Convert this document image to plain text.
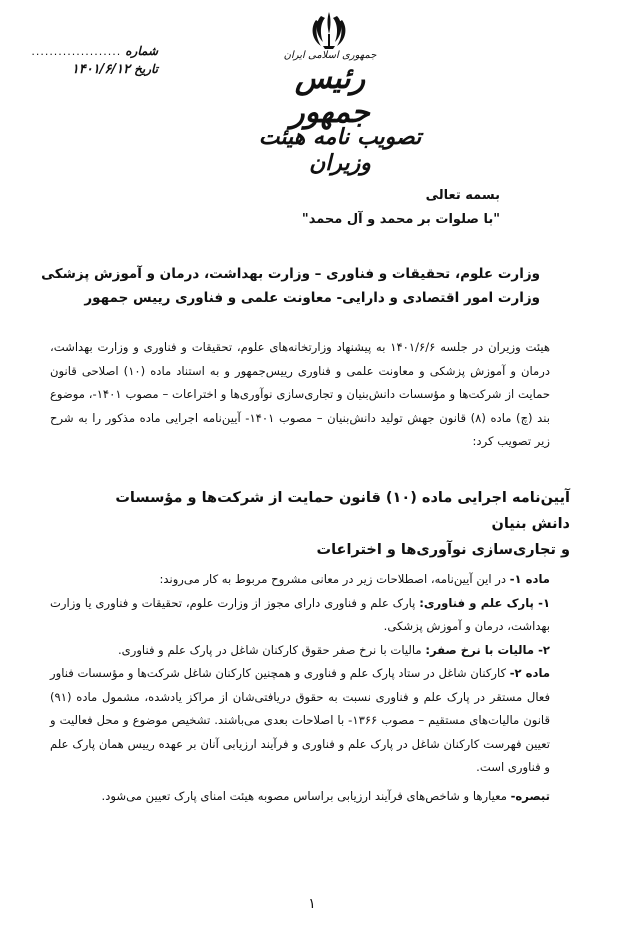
جمهوری اسلامی ایران
رئیس جمهور
تصویب نامه هیئت وزیران
شماره
....................
تاریخ
۱۴۰۱/۶/۱۲
بسمه تعالی
"با صلوات بر محمد و آل محمد"
وزارت علوم، تحقیقات و فناوری – وزارت بهداشت، درمان و آموزش پزشکی
وزارت امور اقتصادی و دارایی- معاونت علمی و فناوری رییس جمهور
هیئت وزیران در جلسه ۱۴۰۱/۶/۶ به پیشنهاد وزارتخانه‌های علوم، تحقیقات و فناوری و وزارت بهداشت، درمان و آموزش پزشکی و معاونت علمی و فناوری رییس‌جمهور و به استناد ماده (۱۰) اصلاحی قانون حمایت از شرکت‌ها و مؤسسات دانش‌بنیان و تجاری‌سازی نوآوری‌ها و اختراعات – مصوب ۱۴۰۱-، موضوع بند (چ) ماده (۸) قانون جهش تولید دانش‌بنیان – مصوب ۱۴۰۱- آیین‌نامه اجرایی ماده مذکور را به شرح زیر تصویب کرد:
آیین‌نامه اجرایی ماده (۱۰) قانون حمایت از شرکت‌ها و مؤسسات دانش بنیان
و تجاری‌سازی نوآوری‌ها و اختراعات
ماده ۱- در این آیین‌نامه، اصطلاحات زیر در معانی مشروح مربوط به کار می‌روند:
۱- پارک علم و فناوری: پارک علم و فناوری دارای مجوز از وزارت علوم، تحقیقات و فناوری یا وزارت بهداشت، درمان و آموزش پزشکی.
۲- مالیات با نرخ صفر: مالیات با نرخ صفر حقوق کارکنان شاغل در پارک علم و فناوری.
ماده ۲- کارکنان شاغل در ستاد پارک علم و فناوری و همچنین کارکنان شاغل شرکت‌ها و مؤسسات فناور فعال مستقر در پارک علم و فناوری نسبت به حقوق دریافتی‌شان از مراکز یادشده، مشمول ماده (۹۱) قانون مالیات‌های مستقیم – مصوب ۱۳۶۶- با اصلاحات بعدی می‌باشند. تشخیص موضوع و محل فعالیت و تعیین فهرست کارکنان شاغل در پارک علم و فناوری و فرآیند ارزیابی آنان بر عهده رییس همان پارک علم و فناوری است.
تبصره- معیارها و شاخص‌های فرآیند ارزیابی براساس مصوبه هیئت امنای پارک تعیین می‌شود.
۱
